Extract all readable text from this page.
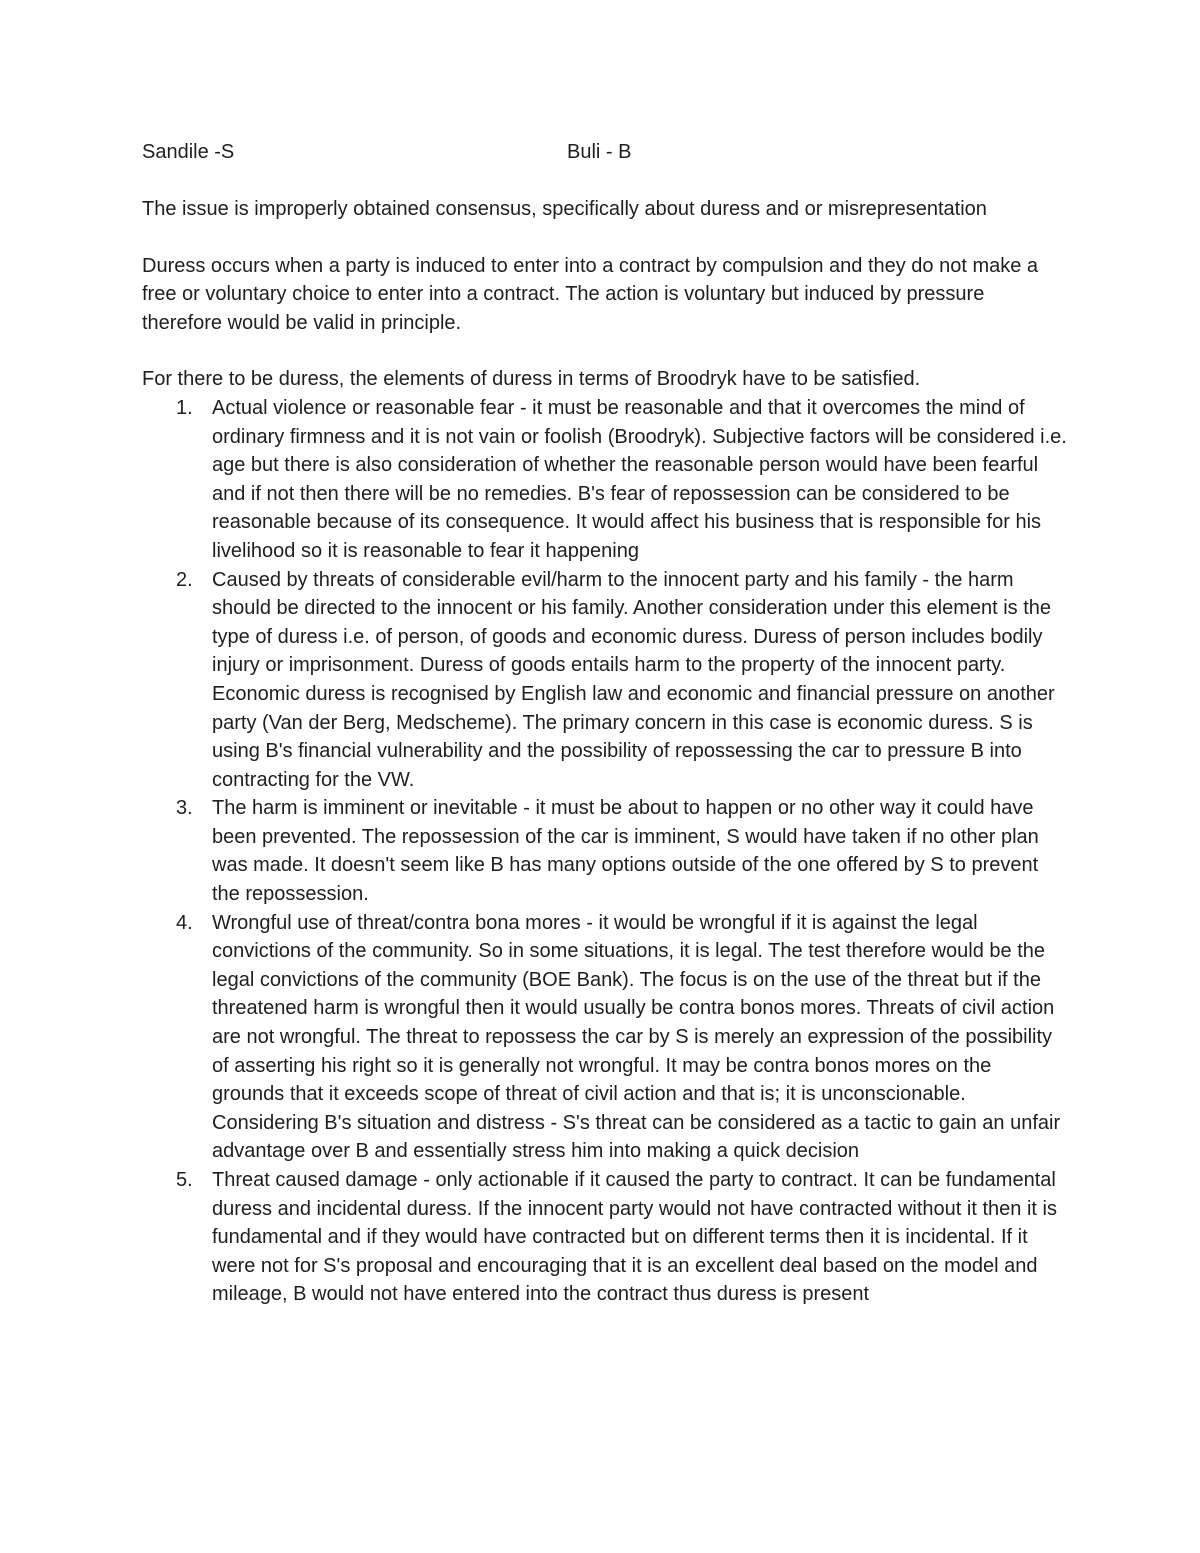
Sandile -S	Buli - B

The issue is improperly obtained consensus, specifically about duress and or misrepresentation

Duress occurs when a party is induced to enter into a contract by compulsion and they do not make a free or voluntary choice to enter into a contract. The action is voluntary but induced by pressure therefore would be valid in principle.

For there to be duress, the elements of duress in terms of Broodryk have to be satisfied.

1. Actual violence or reasonable fear - it must be reasonable and that it overcomes the mind of ordinary firmness and it is not vain or foolish (Broodryk). Subjective factors will be considered i.e. age but there is also consideration of whether the reasonable person would have been fearful and if not then there will be no remedies. B's fear of repossession can be considered to be reasonable because of its consequence. It would affect his business that is responsible for his livelihood so it is reasonable to fear it happening
2. Caused by threats of considerable evil/harm to the innocent party and his family - the harm should be directed to the innocent or his family. Another consideration under this element is the type of duress i.e. of person, of goods and economic duress. Duress of person includes bodily injury or imprisonment. Duress of goods entails harm to the property of the innocent party. Economic duress is recognised by English law and economic and financial pressure on another party (Van der Berg, Medscheme). The primary concern in this case is economic duress. S is using B's financial vulnerability and the possibility of repossessing the car to pressure B into contracting for the VW.
3. The harm is imminent or inevitable - it must be about to happen or no other way it could have been prevented. The repossession of the car is imminent, S would have taken if no other plan was made. It doesn't seem like B has many options outside of the one offered by S to prevent the repossession.
4. Wrongful use of threat/contra bona mores - it would be wrongful if it is against the legal convictions of the community. So in some situations, it is legal. The test therefore would be the legal convictions of the community (BOE Bank). The focus is on the use of the threat but if the threatened harm is wrongful then it would usually be contra bonos mores. Threats of civil action are not wrongful. The threat to repossess the car by S is merely an expression of the possibility of asserting his right so it is generally not wrongful. It may be contra bonos mores on the grounds that it exceeds scope of threat of civil action and that is; it is unconscionable. Considering B's situation and distress - S's threat can be considered as a tactic to gain an unfair advantage over B and essentially stress him into making a quick decision
5. Threat caused damage - only actionable if it caused the party to contract. It can be fundamental duress and incidental duress. If the innocent party would not have contracted without it then it is fundamental and if they would have contracted but on different terms then it is incidental. If it were not for S's proposal and encouraging that it is an excellent deal based on the model and mileage, B would not have entered into the contract thus duress is present
